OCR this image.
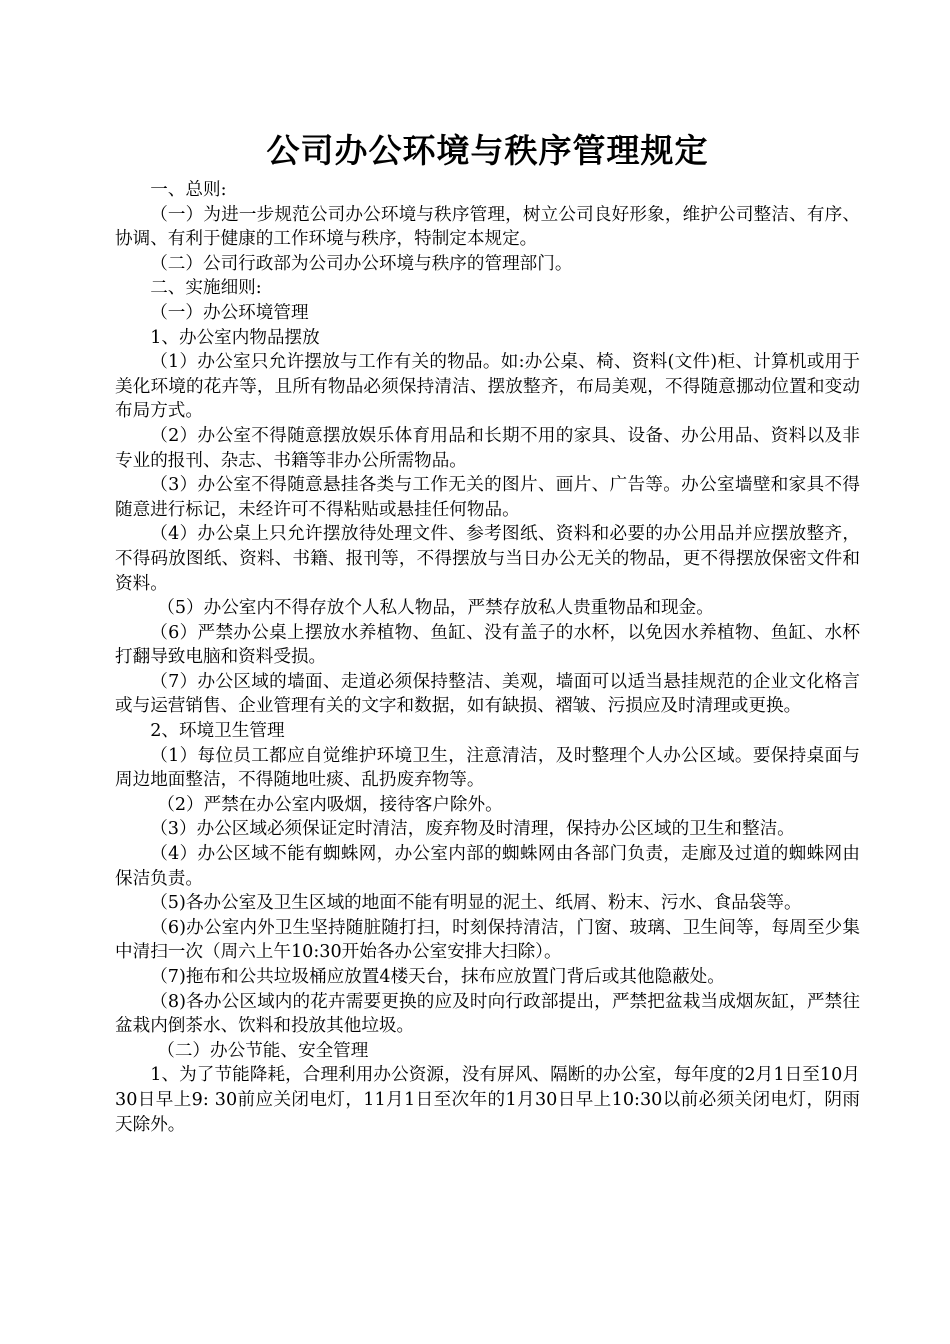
公司办公环境与秩序管理规定

一、总则:

（一）为进一步规范公司办公环境与秩序管理，树立公司良好形象，维护公司整洁、有序、协调、有利于健康的工作环境与秩序，特制定本规定。

（二）公司行政部为公司办公环境与秩序的管理部门。

二、实施细则:

（一）办公环境管理

1、办公室内物品摆放

（1）办公室只允许摆放与工作有关的物品。如:办公桌、椅、资料(文件)柜、计算机或用于美化环境的花卉等，且所有物品必须保持清洁、摆放整齐，布局美观，不得随意挪动位置和变动布局方式。

（2）办公室不得随意摆放娱乐体育用品和长期不用的家具、设备、办公用品、资料以及非专业的报刊、杂志、书籍等非办公所需物品。

（3）办公室不得随意悬挂各类与工作无关的图片、画片、广告等。办公室墙壁和家具不得随意进行标记，未经许可不得粘贴或悬挂任何物品。

（4）办公桌上只允许摆放待处理文件、参考图纸、资料和必要的办公用品并应摆放整齐，不得码放图纸、资料、书籍、报刊等，不得摆放与当日办公无关的物品，更不得摆放保密文件和资料。

（5）办公室内不得存放个人私人物品，严禁存放私人贵重物品和现金。

（6）严禁办公桌上摆放水养植物、鱼缸、没有盖子的水杯，以免因水养植物、鱼缸、水杯打翻导致电脑和资料受损。

（7）办公区域的墙面、走道必须保持整洁、美观，墙面可以适当悬挂规范的企业文化格言或与运营销售、企业管理有关的文字和数据，如有缺损、褶皱、污损应及时清理或更换。

2、环境卫生管理

（1）每位员工都应自觉维护环境卫生，注意清洁，及时整理个人办公区域。要保持桌面与周边地面整洁，不得随地吐痰、乱扔废弃物等。

（2）严禁在办公室内吸烟，接待客户除外。

（3）办公区域必须保证定时清洁，废弃物及时清理，保持办公区域的卫生和整洁。

（4）办公区域不能有蜘蛛网，办公室内部的蜘蛛网由各部门负责，走廊及过道的蜘蛛网由保洁负责。

（5)各办公室及卫生区域的地面不能有明显的泥土、纸屑、粉末、污水、食品袋等。

（6)办公室内外卫生坚持随脏随打扫，时刻保持清洁，门窗、玻璃、卫生间等，每周至少集中清扫一次（周六上午10:30开始各办公室安排大扫除）。

（7)拖布和公共垃圾桶应放置4楼天台，抹布应放置门背后或其他隐蔽处。

（8)各办公区域内的花卉需要更换的应及时向行政部提出，严禁把盆栽当成烟灰缸，严禁往盆栽内倒茶水、饮料和投放其他垃圾。

（二）办公节能、安全管理

1、为了节能降耗，合理利用办公资源，没有屏风、隔断的办公室，每年度的2月1日至10月30日早上9: 30前应关闭电灯，11月1日至次年的1月30日早上10:30以前必须关闭电灯，阴雨天除外。
